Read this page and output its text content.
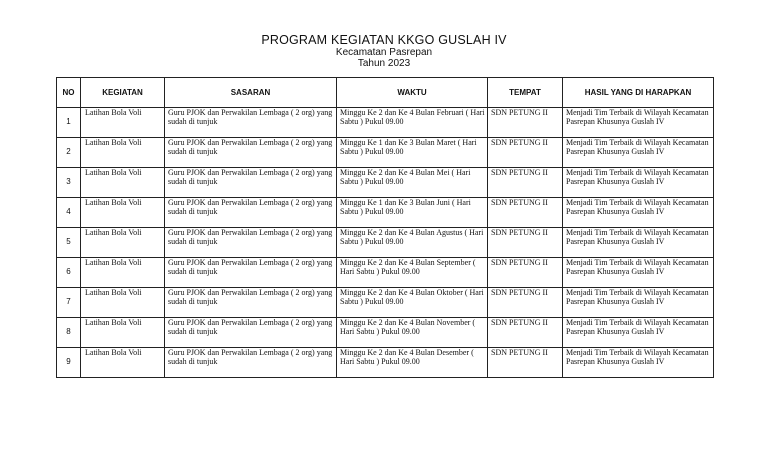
PROGRAM KEGIATAN KKGO GUSLAH IV
Kecamatan Pasrepan
Tahun 2023
NO	KEGIATAN	SASARAN	WAKTU	TEMPAT	HASIL YANG DI HARAPKAN
1	Latihan Bola Voli	Guru PJOK dan Perwakilan Lembaga ( 2 org) yang sudah di tunjuk	Minggu Ke 2 dan Ke 4 Bulan Februari ( Hari Sabtu ) Pukul 09.00	SDN PETUNG II	Menjadi Tim Terbaik di Wilayah Kecamatan Pasrepan Khusunya Guslah IV
2	Latihan Bola Voli	Guru PJOK dan Perwakilan Lembaga ( 2 org) yang sudah di tunjuk	Minggu Ke 1 dan Ke 3 Bulan Maret ( Hari Sabtu ) Pukul 09.00	SDN PETUNG II	Menjadi Tim Terbaik di Wilayah Kecamatan Pasrepan Khusunya Guslah IV
3	Latihan Bola Voli	Guru PJOK dan Perwakilan Lembaga ( 2 org) yang sudah di tunjuk	Minggu Ke 2 dan Ke 4 Bulan Mei ( Hari Sabtu ) Pukul 09.00	SDN PETUNG II	Menjadi Tim Terbaik di Wilayah Kecamatan Pasrepan Khusunya Guslah IV
4	Latihan Bola Voli	Guru PJOK dan Perwakilan Lembaga ( 2 org) yang sudah di tunjuk	Minggu Ke 1 dan Ke 3 Bulan Juni ( Hari Sabtu ) Pukul 09.00	SDN PETUNG II	Menjadi Tim Terbaik di Wilayah Kecamatan Pasrepan Khusunya Guslah IV
5	Latihan Bola Voli	Guru PJOK dan Perwakilan Lembaga ( 2 org) yang sudah di tunjuk	Minggu Ke 2 dan Ke 4 Bulan Agustus ( Hari Sabtu ) Pukul 09.00	SDN PETUNG II	Menjadi Tim Terbaik di Wilayah Kecamatan Pasrepan Khusunya Guslah IV
6	Latihan Bola Voli	Guru PJOK dan Perwakilan Lembaga ( 2 org) yang sudah di tunjuk	Minggu Ke 2 dan Ke 4 Bulan September ( Hari Sabtu ) Pukul 09.00	SDN PETUNG II	Menjadi Tim Terbaik di Wilayah Kecamatan Pasrepan Khusunya Guslah IV
7	Latihan Bola Voli	Guru PJOK dan Perwakilan Lembaga ( 2 org) yang sudah di tunjuk	Minggu Ke 2 dan Ke 4 Bulan Oktober ( Hari Sabtu ) Pukul 09.00	SDN PETUNG II	Menjadi Tim Terbaik di Wilayah Kecamatan Pasrepan Khusunya Guslah IV
8	Latihan Bola Voli	Guru PJOK dan Perwakilan Lembaga ( 2 org) yang sudah di tunjuk	Minggu Ke 2 dan Ke 4 Bulan November ( Hari Sabtu ) Pukul 09.00	SDN PETUNG II	Menjadi Tim Terbaik di Wilayah Kecamatan Pasrepan Khusunya Guslah IV
9	Latihan Bola Voli	Guru PJOK dan Perwakilan Lembaga ( 2 org) yang sudah di tunjuk	Minggu Ke 2 dan Ke 4 Bulan Desember ( Hari Sabtu ) Pukul 09.00	SDN PETUNG II	Menjadi Tim Terbaik di Wilayah Kecamatan Pasrepan Khusunya Guslah IV
